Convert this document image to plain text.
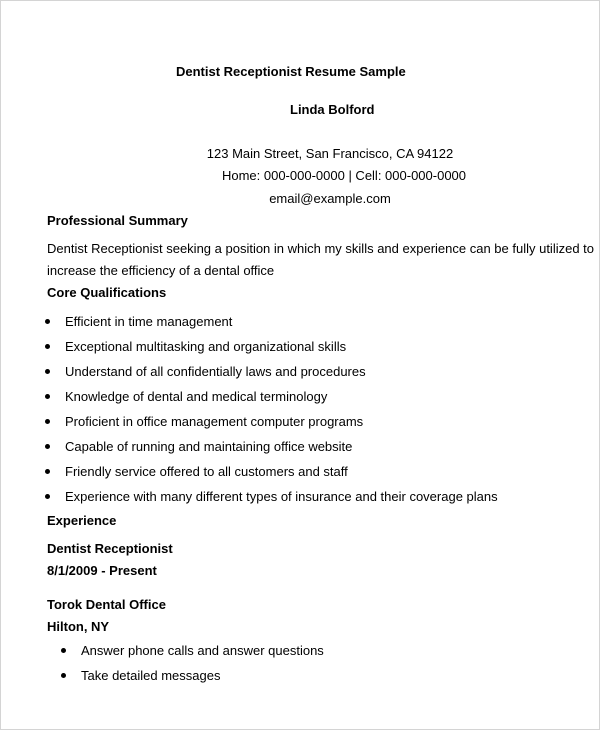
Dentist Receptionist Resume Sample
Linda Bolford
123 Main Street, San Francisco, CA 94122
Home: 000-000-0000 | Cell: 000-000-0000
email@example.com
Professional Summary
Dentist Receptionist seeking a position in which my skills and experience can be fully utilized to
increase the efficiency of a dental office
Core Qualifications
Efficient in time management
Exceptional multitasking and organizational skills
Understand of all confidentially laws and procedures
Knowledge of dental and medical terminology
Proficient in office management computer programs
Capable of running and maintaining office website
Friendly service offered to all customers and staff
Experience with many different types of insurance and their coverage plans
Experience
Dentist Receptionist
8/1/2009 - Present
Torok Dental Office
Hilton, NY
Answer phone calls and answer questions
Take detailed messages
